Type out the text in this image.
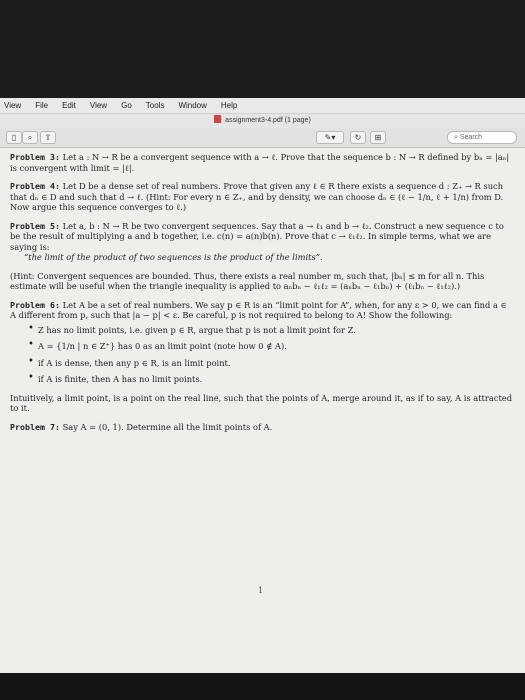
View File Edit View Go Tools Window Help
assignment3-4.pdf (1 page)
▯ ⌕ ⇧	✎▾ ↻ ⊞	⌕ Search
Problem 3: Let a : N → R be a convergent sequence with a → ℓ. Prove that the sequence b : N → R defined by bₙ = |aₙ| is convergent with limit = |ℓ|.
Problem 4: Let D be a dense set of real numbers. Prove that given any ℓ ∈ R there exists a sequence d : Z₊ → R such that dₙ ∈ D and such that d → ℓ. (Hint: For every n ∈ Z₊, and by density, we can choose dₙ ∈ (ℓ − 1/n, ℓ + 1/n) from D. Now argue this sequence converges to ℓ.)
Problem 5: Let a, b : N → R be two convergent sequences. Say that a → ℓ₁ and b → ℓ₂. Construct a new sequence c to be the result of multiplying a and b together, i.e. c(n) = a(n)b(n). Prove that c → ℓ₁ℓ₂. In simple terms, what we are saying is:
“the limit of the product of two sequences is the product of the limits”.
(Hint: Convergent sequences are bounded. Thus, there exists a real number m, such that, |bₙ| ≤ m for all n. This estimate will be useful when the triangle inequality is applied to aₙbₙ − ℓ₁ℓ₂ = (aₙbₙ − ℓ₁bₙ) + (ℓ₁bₙ − ℓ₁ℓ₂).)
Problem 6: Let A be a set of real numbers. We say p ∈ R is an “limit point for A”, when, for any ε > 0, we can find a ∈ A different from p, such that |a − p| < ε. Be careful, p is not required to belong to A! Show the following:
• Z has no limit points, i.e. given p ∈ R, argue that p is not a limit point for Z.
• A = {1/n | n ∈ Z⁺} has 0 as an limit point (note how 0 ∉ A).
• if A is dense, then any p ∈ R, is an limit point.
• if A is finite, then A has no limit points.
Intuitively, a limit point, is a point on the real line, such that the points of A, merge around it, as if to say, A is attracted to it.
Problem 7: Say A = (0, 1). Determine all the limit points of A.
1
